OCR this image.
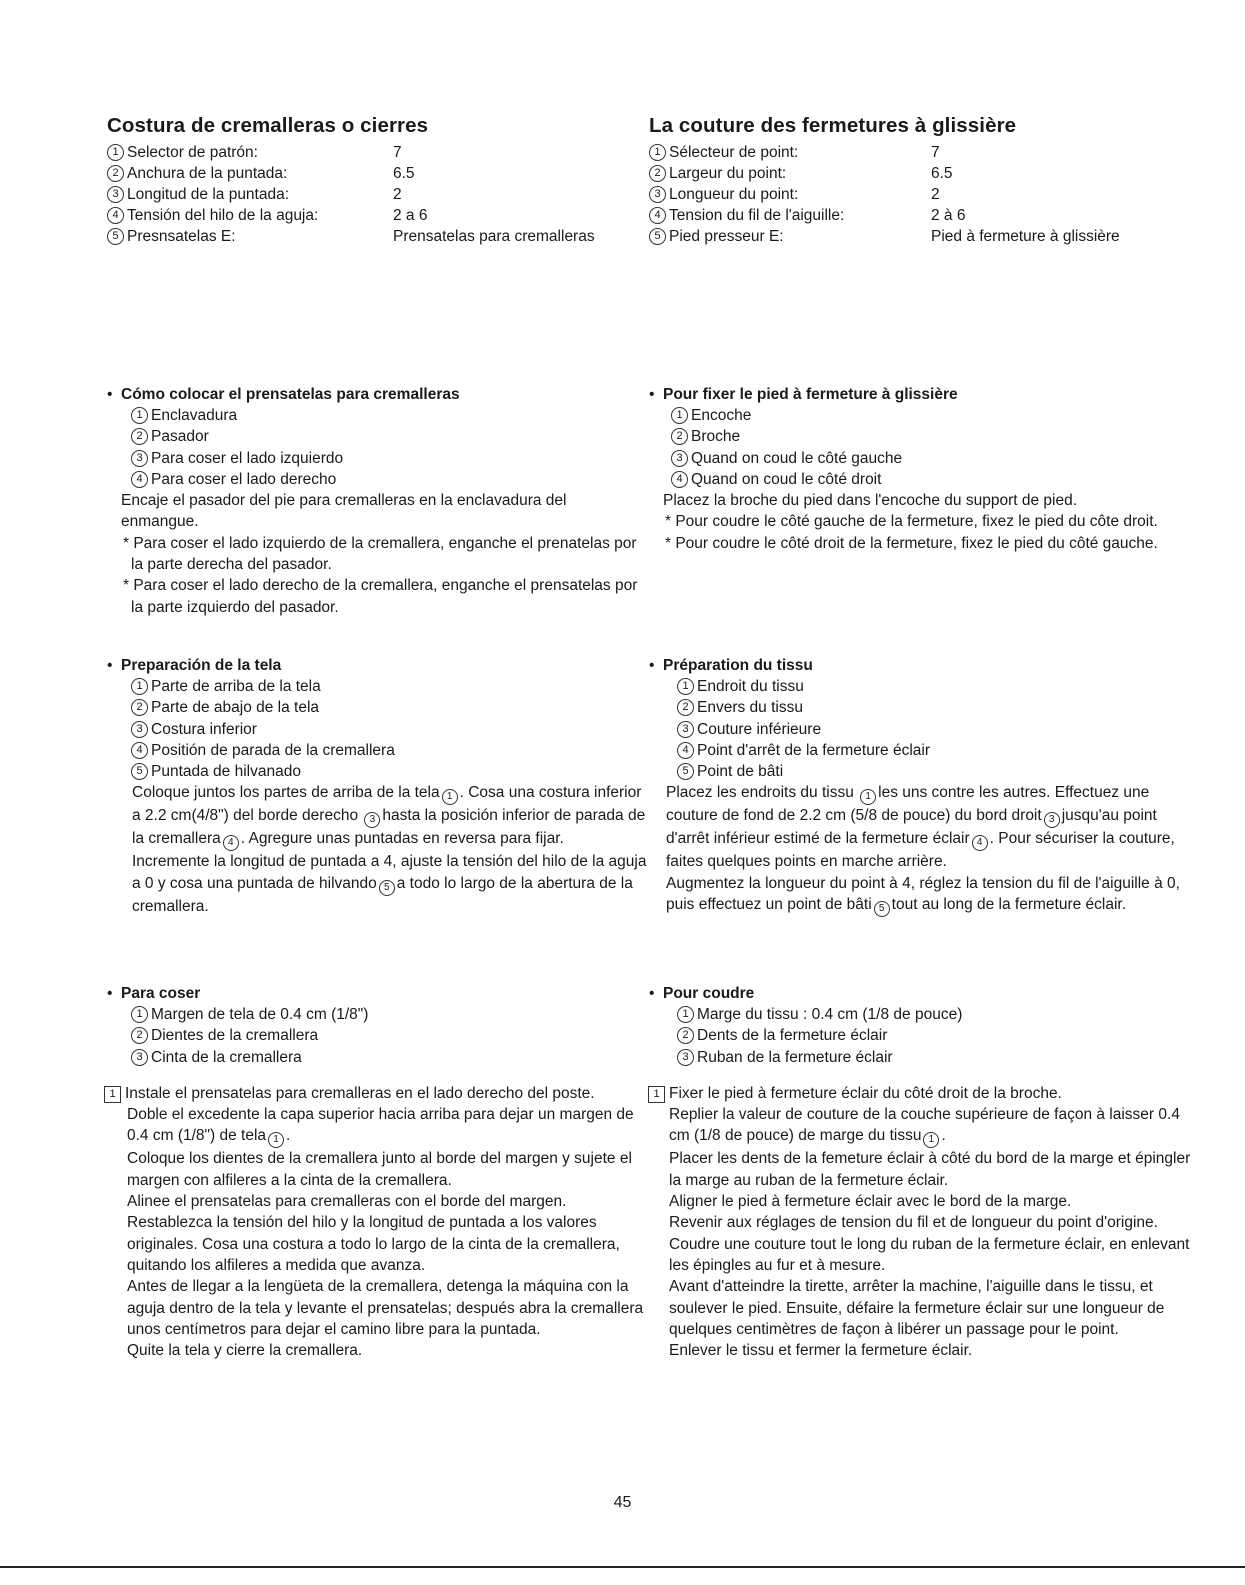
Costura de cremalleras o cierres
1 Selector de patrón:	7
2 Anchura de la puntada:	6.5
3 Longitud de la puntada:	2
4 Tensión del hilo de la aguja:	2 a 6
5 Presnsatelas E:	Prensatelas para cremalleras
• Cómo colocar el prensatelas para cremalleras
1 Enclavadura
2 Pasador
3 Para coser el lado izquierdo
4 Para coser el lado derecho

Encaje el pasador del pie para cremalleras en la enclavadura del enmangue.

* Para coser el lado izquierdo de la cremallera, enganche el prenatelas por la parte derecha del pasador.

* Para coser el lado derecho de la cremallera, enganche el prensatelas por la parte izquierdo del pasador.

• Preparación de la tela
1 Parte de arriba de la tela
2 Parte de abajo de la tela
3 Costura inferior
4 Positión de parada de la cremallera
5 Puntada de hilvanado

Coloque juntos los partes de arriba de la tela 1 . Cosa una costura inferior a 2.2 cm(4/8") del borde derecho 3 hasta la posición inferior de parada de la cremallera 4 . Agregure unas puntadas en reversa para fijar.

Incremente la longitud de puntada a 4, ajuste la tensión del hilo de la aguja a 0 y cosa una puntada de hilvando 5 a todo lo largo de la abertura de la cremallera.

• Para coser
1 Margen de tela de 0.4 cm (1/8")
2 Dientes de la cremallera
3 Cinta de la cremallera
1 Instale el prensatelas para cremalleras en el lado derecho del poste.

Doble el excedente la capa superior hacia arriba para dejar un margen de 0.4 cm (1/8") de tela 1 .

Coloque los dientes de la cremallera junto al borde del margen y sujete el margen con alfileres a la cinta de la cremallera.

Alinee el prensatelas para cremalleras con el borde del margen. Restablezca la tensión del hilo y la longitud de puntada a los valores originales. Cosa una costura a todo lo largo de la cinta de la cremallera, quitando los alfileres a medida que avanza.

Antes de llegar a la lengüeta de la cremallera, detenga la máquina con la aguja dentro de la tela y levante el prensatelas; después abra la cremallera unos centímetros para dejar el camino libre para la puntada.

Quite la tela y cierre la cremallera.

La couture des fermetures à glissière
1 Sélecteur de point:	7
2 Largeur du point:	6.5
3 Longueur du point:	2
4 Tension du fil de l'aiguille:	2 à 6
5 Pied presseur E:	Pied à fermeture à glissière
• Pour fixer le pied à fermeture à glissière
1 Encoche
2 Broche
3 Quand on coud le côté gauche
4 Quand on coud le côté droit

Placez la broche du pied dans l'encoche du support de pied.

* Pour coudre le côté gauche de la fermeture, fixez le pied du côte droit.

* Pour coudre le côté droit de la fermeture, fixez le pied du côté gauche.

• Préparation du tissu
1 Endroit du tissu
2 Envers du tissu
3 Couture inférieure
4 Point d'arrêt de la fermeture éclair
5 Point de bâti

Placez les endroits du tissu 1 les uns contre les autres. Effectuez une couture de fond de 2.2 cm (5/8 de pouce) du bord droit 3 jusqu'au point d'arrêt inférieur estimé de la fermeture éclair 4 . Pour sécuriser la couture, faites quelques points en marche arrière.

Augmentez la longueur du point à 4, réglez la tension du fil de l'aiguille à 0, puis effectuez un point de bâti 5 tout au long de la fermeture éclair.

• Pour coudre
1 Marge du tissu : 0.4 cm (1/8 de pouce)
2 Dents de la fermeture éclair
3 Ruban de la fermeture éclair
1 Fixer le pied à fermeture éclair du côté droit de la broche.

Replier la valeur de couture de la couche supérieure de façon à laisser 0.4 cm (1/8 de pouce) de marge du tissu 1 .

Placer les dents de la femeture éclair à côté du bord de la marge et épingler la marge au ruban de la fermeture éclair.

Aligner le pied à fermeture éclair avec le bord de la marge.

Revenir aux réglages de tension du fil et de longueur du point d'origine. Coudre une couture tout le long du ruban de la fermeture éclair, en enlevant les épingles au fur et à mesure.

Avant d'atteindre la tirette, arrêter la machine, l'aiguille dans le tissu, et soulever le pied. Ensuite, défaire la fermeture éclair sur une longueur de quelques centimètres de façon à libérer un passage pour le point.

Enlever le tissu et fermer la fermeture éclair.

45
